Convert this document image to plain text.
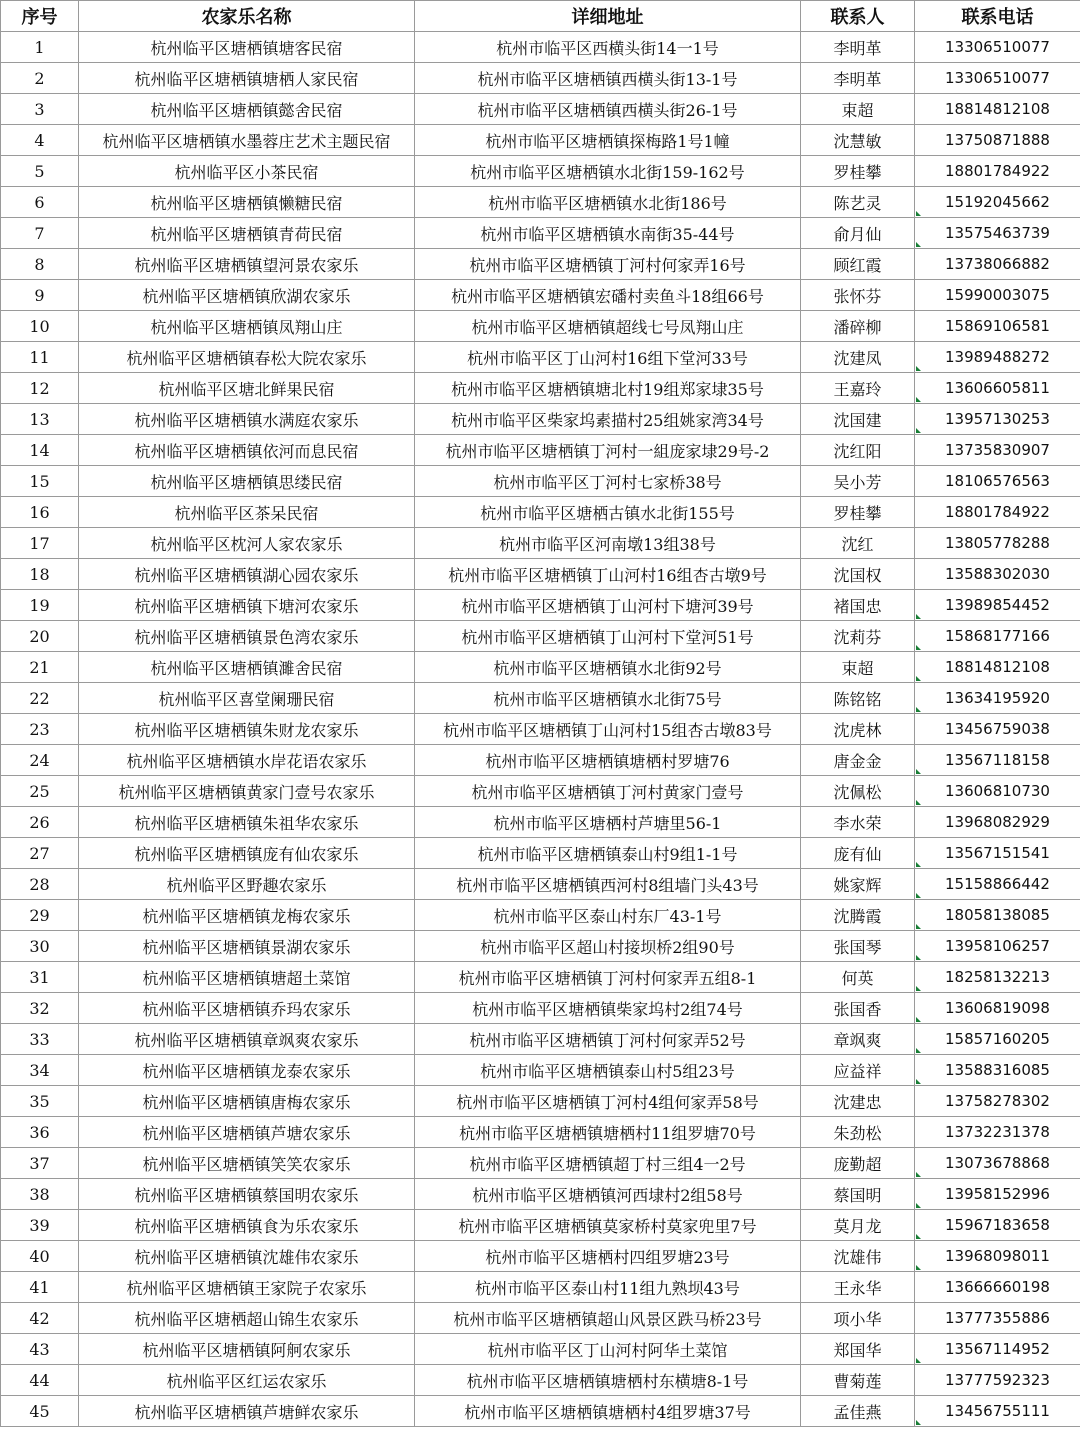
序号	农家乐名称	详细地址	联系人	联系电话
1	杭州临平区塘栖镇塘客民宿	杭州市临平区西横头街14一1号	李明革	13306510077
2	杭州临平区塘栖镇塘栖人家民宿	杭州市临平区塘栖镇西横头街13-1号	李明革	13306510077
3	杭州临平区塘栖镇懿舍民宿	杭州市临平区塘栖镇西横头街26-1号	束超	18814812108
4	杭州临平区塘栖镇水墨蓉庄艺术主题民宿	杭州市临平区塘栖镇探梅路1号1幢	沈慧敏	13750871888
5	杭州临平区小茶民宿	杭州市临平区塘栖镇水北街159-162号	罗桂攀	18801784922
6	杭州临平区塘栖镇懒糖民宿	杭州市临平区塘栖镇水北街186号	陈艺灵	15192045662
7	杭州临平区塘栖镇青荷民宿	杭州市临平区塘栖镇水南街35-44号	俞月仙	13575463739
8	杭州临平区塘栖镇望河景农家乐	杭州市临平区塘栖镇丁河村何家弄16号	顾红霞	13738066882
9	杭州临平区塘栖镇欣湖农家乐	杭州市临平区塘栖镇宏磻村卖鱼斗18组66号	张怀芬	15990003075
10	杭州临平区塘栖镇凤翔山庄	杭州市临平区塘栖镇超线七号凤翔山庄	潘碎柳	15869106581
11	杭州临平区塘栖镇春松大院农家乐	杭州市临平区丁山河村16组下堂河33号	沈建凤	13989488272
12	杭州临平区塘北鲜果民宿	杭州市临平区塘栖镇塘北村19组郑家埭35号	王嘉玲	13606605811
13	杭州临平区塘栖镇水满庭农家乐	杭州市临平区柴家坞素描村25组姚家湾34号	沈国建	13957130253
14	杭州临平区塘栖镇依河而息民宿	杭州市临平区塘栖镇丁河村一組庞家埭29号-2	沈红阳	13735830907
15	杭州临平区塘栖镇思缕民宿	杭州市临平区丁河村七家桥38号	吴小芳	18106576563
16	杭州临平区茶呆民宿	杭州市临平区塘栖古镇水北街155号	罗桂攀	18801784922
17	杭州临平区枕河人家农家乐	杭州市临平区河南墩13组38号	沈红	13805778288
18	杭州临平区塘栖镇湖心园农家乐	杭州市临平区塘栖镇丁山河村16组杏古墩9号	沈国权	13588302030
19	杭州临平区塘栖镇下塘河农家乐	杭州市临平区塘栖镇丁山河村下塘河39号	褚国忠	13989854452
20	杭州临平区塘栖镇景色湾农家乐	杭州市临平区塘栖镇丁山河村下堂河51号	沈莉芬	15868177166
21	杭州临平区塘栖镇濉舍民宿	杭州市临平区塘栖镇水北街92号	束超	18814812108
22	杭州临平区喜堂阑珊民宿	杭州市临平区塘栖镇水北街75号	陈铭铭	13634195920
23	杭州临平区塘栖镇朱财龙农家乐	杭州市临平区塘栖镇丁山河村15组杏古墩83号	沈虎林	13456759038
24	杭州临平区塘栖镇水岸花语农家乐	杭州市临平区塘栖镇塘栖村罗塘76	唐金金	13567118158
25	杭州临平区塘栖镇黄家门壹号农家乐	杭州市临平区塘栖镇丁河村黄家门壹号	沈佩松	13606810730
26	杭州临平区塘栖镇朱祖华农家乐	杭州市临平区塘栖村芦塘里56-1	李水荣	13968082929
27	杭州临平区塘栖镇庞有仙农家乐	杭州市临平区塘栖镇泰山村9组1-1号	庞有仙	13567151541
28	杭州临平区野趣农家乐	杭州市临平区塘栖镇西河村8组墙门头43号	姚家辉	15158866442
29	杭州临平区塘栖镇龙梅农家乐	杭州市临平区泰山村东厂43-1号	沈腾霞	18058138085
30	杭州临平区塘栖镇景湖农家乐	杭州市临平区超山村接坝桥2组90号	张国琴	13958106257
31	杭州临平区塘栖镇塘超土菜馆	杭州市临平区塘栖镇丁河村何家弄五组8-1	何英	18258132213
32	杭州临平区塘栖镇乔玛农家乐	杭州市临平区塘栖镇柴家坞村2组74号	张国香	13606819098
33	杭州临平区塘栖镇章飒爽农家乐	杭州市临平区塘栖镇丁河村何家弄52号	章飒爽	15857160205
34	杭州临平区塘栖镇龙泰农家乐	杭州市临平区塘栖镇泰山村5组23号	应益祥	13588316085
35	杭州临平区塘栖镇唐梅农家乐	杭州市临平区塘栖镇丁河村4组何家弄58号	沈建忠	13758278302
36	杭州临平区塘栖镇芦塘农家乐	杭州市临平区塘栖镇塘栖村11组罗塘70号	朱劲松	13732231378
37	杭州临平区塘栖镇笑笑农家乐	杭州市临平区塘栖镇超丁村三组4一2号	庞勤超	13073678868
38	杭州临平区塘栖镇蔡国明农家乐	杭州市临平区塘栖镇河西埭村2组58号	蔡国明	13958152996
39	杭州临平区塘栖镇食为乐农家乐	杭州市临平区塘栖镇莫家桥村莫家兜里7号	莫月龙	15967183658
40	杭州临平区塘栖镇沈雄伟农家乐	杭州市临平区塘栖村四组罗塘23号	沈雄伟	13968098011
41	杭州临平区塘栖镇王家院子农家乐	杭州市临平区泰山村11组九熟坝43号	王永华	13666660198
42	杭州临平区塘栖超山锦生农家乐	杭州市临平区塘栖镇超山风景区跌马桥23号	项小华	13777355886
43	杭州临平区塘栖镇阿舸农家乐	杭州市临平区丁山河村阿华土菜馆	郑国华	13567114952
44	杭州临平区红运农家乐	杭州市临平区塘栖镇塘栖村东横塘8-1号	曹菊莲	13777592323
45	杭州临平区塘栖镇芦塘鲜农家乐	杭州市临平区塘栖镇塘栖村4组罗塘37号	孟佳燕	13456755111
